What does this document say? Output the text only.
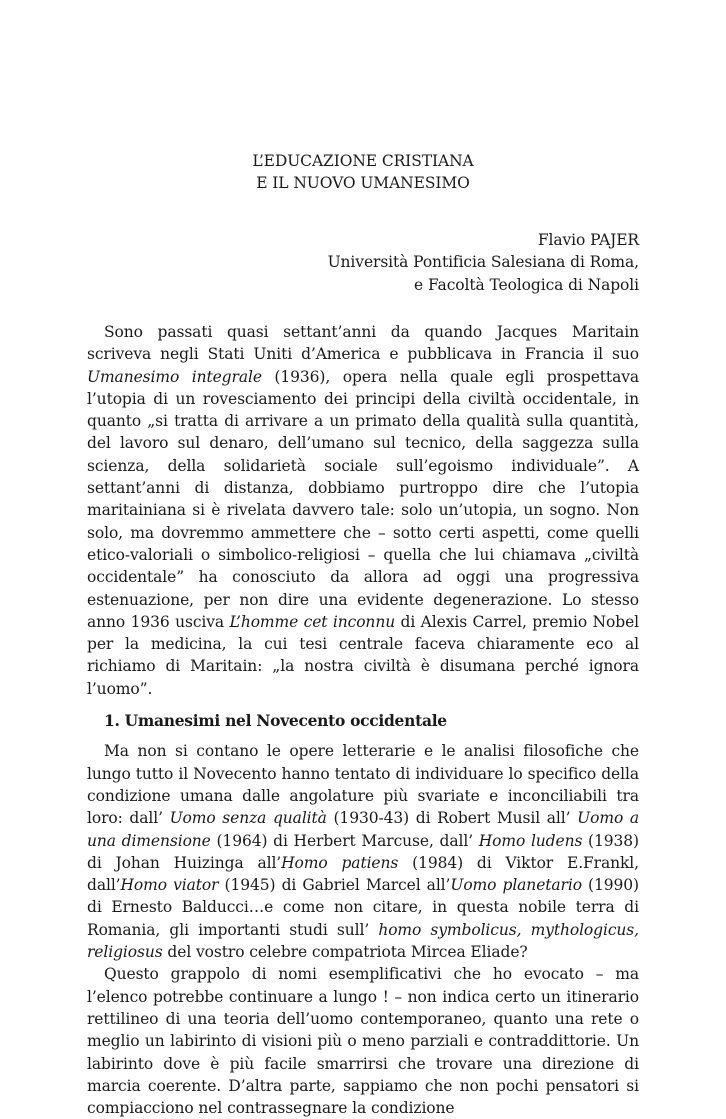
L’EDUCAZIONE CRISTIANA
E IL NUOVO UMANESIMO
Flavio PAJER
Università Pontificia Salesiana di Roma,
e Facoltà Teologica di Napoli

Sono passati quasi settant’anni da quando Jacques Maritain scriveva negli Stati Uniti d’America e pubblicava in Francia il suo Umanesimo integrale (1936), opera nella quale egli prospettava l’utopia di un rovesciamento dei principi della civiltà occidentale, in quanto „si tratta di arrivare a un primato della qualità sulla quantità, del lavoro sul denaro, dell’umano sul tecnico, della saggezza sulla scienza, della solidarietà sociale sull’egoismo individuale”. A settant’anni di distanza, dobbiamo purtroppo dire che l’utopia maritainiana si è rivelata davvero tale: solo un’utopia, un sogno. Non solo, ma dovremmo ammettere che – sotto certi aspetti, come quelli etico-valoriali o simbolico-religiosi – quella che lui chiamava „civiltà occidentale” ha conosciuto da allora ad oggi una progressiva estenuazione, per non dire una evidente degenerazione. Lo stesso anno 1936 usciva L’homme cet inconnu di Alexis Carrel, premio Nobel per la medicina, la cui tesi centrale faceva chiaramente eco al richiamo di Maritain: „la nostra civiltà è disumana perché ignora l’uomo”.

1. Umanesimi nel Novecento occidentale

Ma non si contano le opere letterarie e le analisi filosofiche che lungo tutto il Novecento hanno tentato di individuare lo specifico della condizione umana dalle angolature più svariate e inconciliabili tra loro: dall’ Uomo senza qualità (1930-43) di Robert Musil all’ Uomo a una dimensione (1964) di Herbert Marcuse, dall’ Homo ludens (1938) di Johan Huizinga all’Homo patiens (1984) di Viktor E.Frankl, dall’Homo viator (1945) di Gabriel Marcel all’Uomo planetario (1990) di Ernesto Balducci…e come non citare, in questa nobile terra di Romania, gli importanti studi sull’ homo symbolicus, mythologicus, religiosus del vostro celebre compatriota Mircea Eliade?

Questo grappolo di nomi esemplificativi che ho evocato – ma l’elenco potrebbe continuare a lungo ! – non indica certo un itinerario rettilineo di una teoria dell’uomo contemporaneo, quanto una rete o meglio un labirinto di visioni più o meno parziali e contraddittorie. Un labirinto dove è più facile smarrirsi che trovare una direzione di marcia coerente. D’altra parte, sappiamo che non pochi pensatori si compiacciono nel contrassegnare la condizione
